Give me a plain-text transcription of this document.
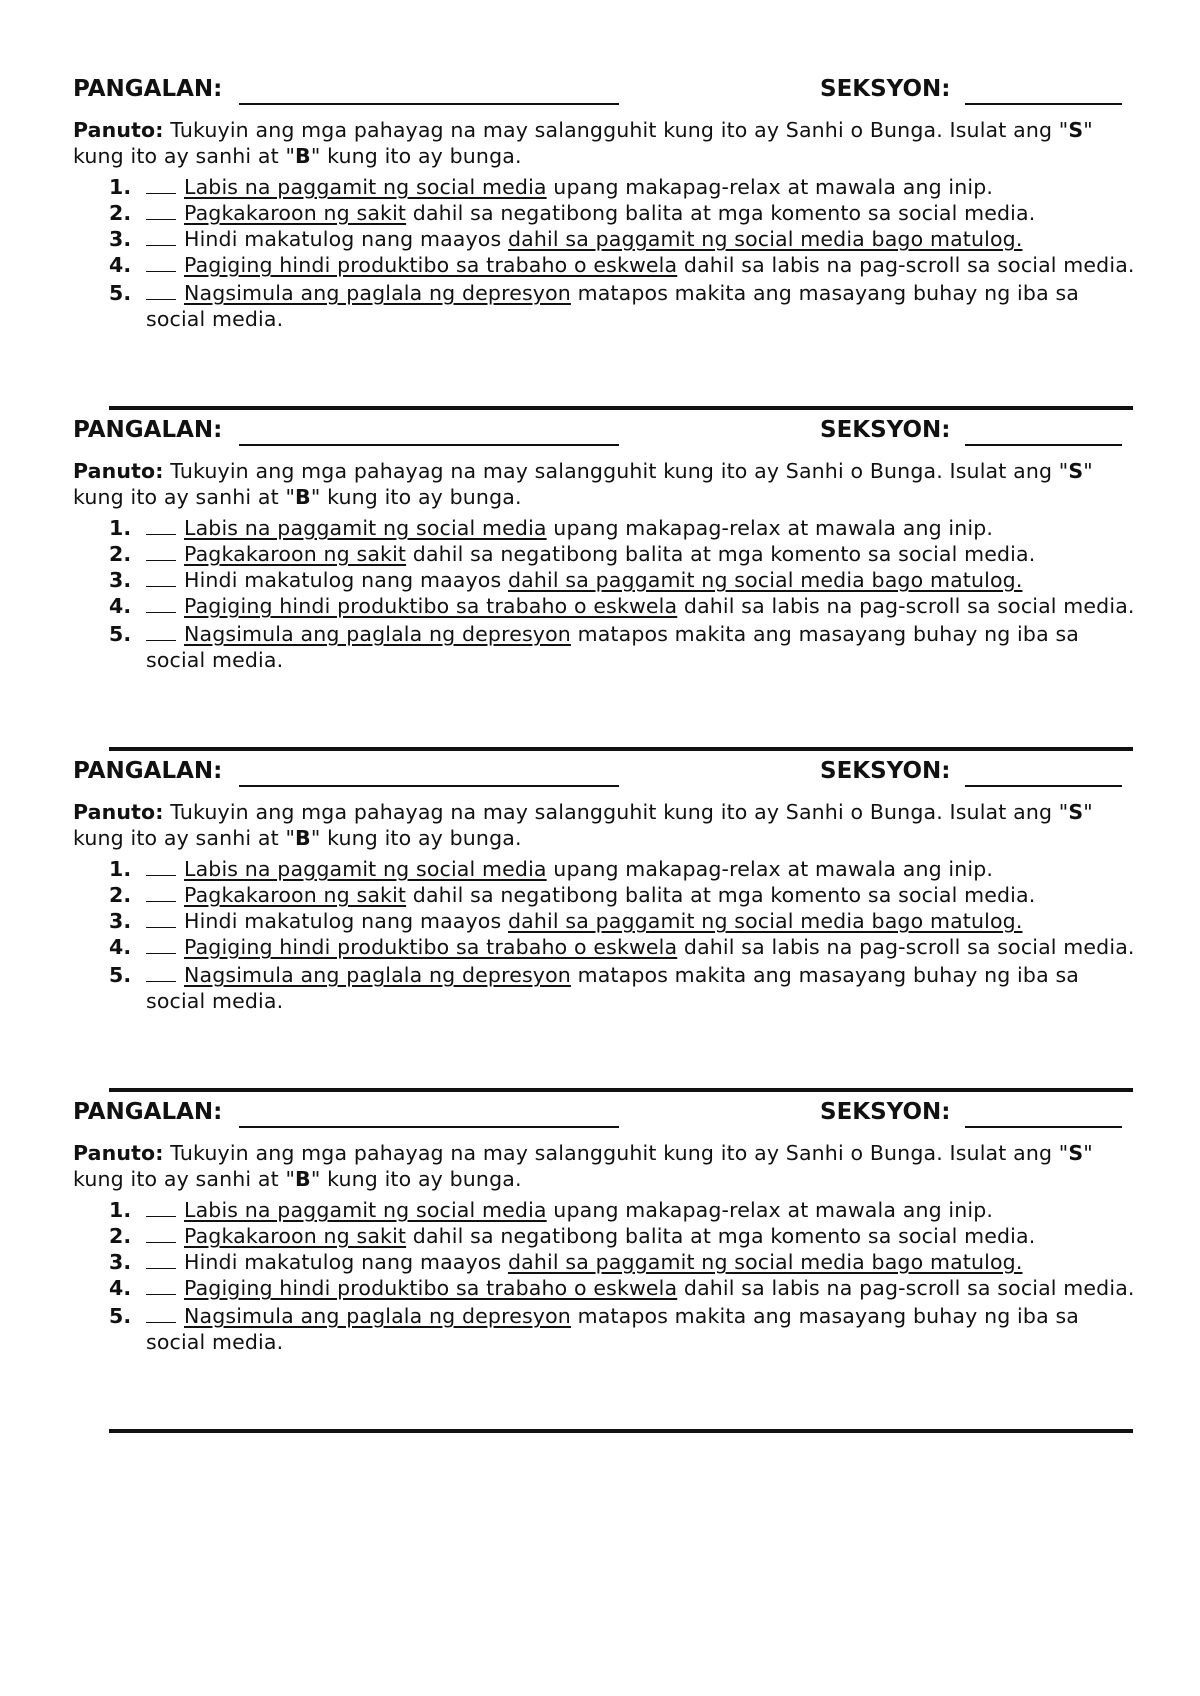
PANGALAN:	SEKSYON:
Panuto: Tukuyin ang mga pahayag na may salangguhit kung ito ay Sanhi o Bunga. Isulat ang "S" kung ito ay sanhi at "B" kung ito ay bunga.
1.	Labis na paggamit ng social media upang makapag-relax at mawala ang inip.
2.	Pagkakaroon ng sakit dahil sa negatibong balita at mga komento sa social media.
3.	Hindi makatulog nang maayos dahil sa paggamit ng social media bago matulog.
4.	Pagiging hindi produktibo sa trabaho o eskwela dahil sa labis na pag-scroll sa social media.
5.	Nagsimula ang paglala ng depresyon matapos makita ang masayang buhay ng iba sa social media.
PANGALAN:	SEKSYON:
Panuto: Tukuyin ang mga pahayag na may salangguhit kung ito ay Sanhi o Bunga. Isulat ang "S" kung ito ay sanhi at "B" kung ito ay bunga.
1.	Labis na paggamit ng social media upang makapag-relax at mawala ang inip.
2.	Pagkakaroon ng sakit dahil sa negatibong balita at mga komento sa social media.
3.	Hindi makatulog nang maayos dahil sa paggamit ng social media bago matulog.
4.	Pagiging hindi produktibo sa trabaho o eskwela dahil sa labis na pag-scroll sa social media.
5.	Nagsimula ang paglala ng depresyon matapos makita ang masayang buhay ng iba sa social media.
PANGALAN:	SEKSYON:
Panuto: Tukuyin ang mga pahayag na may salangguhit kung ito ay Sanhi o Bunga. Isulat ang "S" kung ito ay sanhi at "B" kung ito ay bunga.
1.	Labis na paggamit ng social media upang makapag-relax at mawala ang inip.
2.	Pagkakaroon ng sakit dahil sa negatibong balita at mga komento sa social media.
3.	Hindi makatulog nang maayos dahil sa paggamit ng social media bago matulog.
4.	Pagiging hindi produktibo sa trabaho o eskwela dahil sa labis na pag-scroll sa social media.
5.	Nagsimula ang paglala ng depresyon matapos makita ang masayang buhay ng iba sa social media.
PANGALAN:	SEKSYON:
Panuto: Tukuyin ang mga pahayag na may salangguhit kung ito ay Sanhi o Bunga. Isulat ang "S" kung ito ay sanhi at "B" kung ito ay bunga.
1.	Labis na paggamit ng social media upang makapag-relax at mawala ang inip.
2.	Pagkakaroon ng sakit dahil sa negatibong balita at mga komento sa social media.
3.	Hindi makatulog nang maayos dahil sa paggamit ng social media bago matulog.
4.	Pagiging hindi produktibo sa trabaho o eskwela dahil sa labis na pag-scroll sa social media.
5.	Nagsimula ang paglala ng depresyon matapos makita ang masayang buhay ng iba sa    social media.
